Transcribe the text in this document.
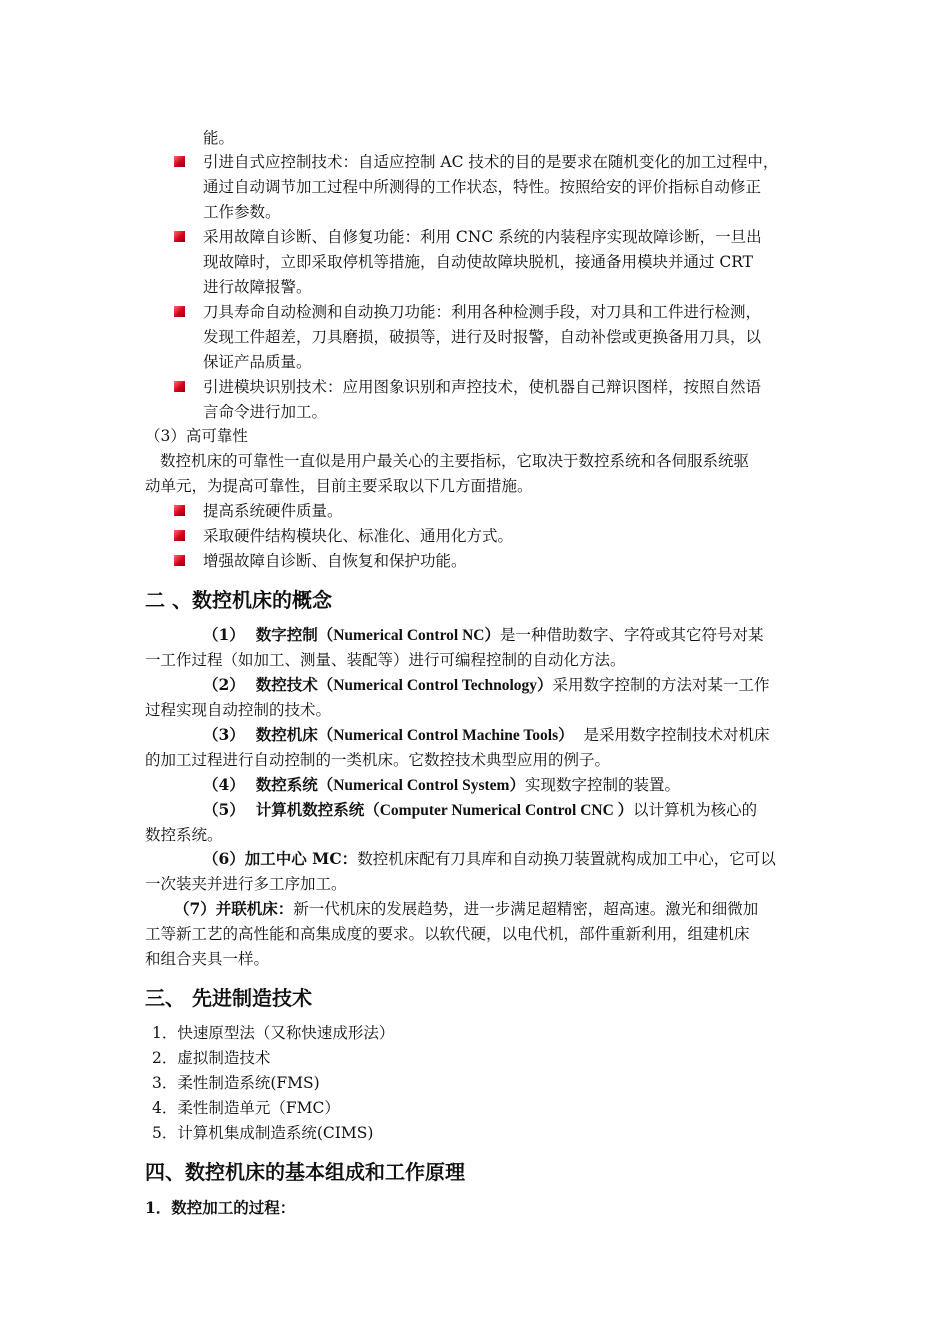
能。
引进自式应控制技术：自适应控制 AC 技术的目的是要求在随机变化的加工过程中，
通过自动调节加工过程中所测得的工作状态，特性。按照给安的评价指标自动修正
工作参数。
采用故障自诊断、自修复功能：利用 CNC 系统的内装程序实现故障诊断，一旦出
现故障时，立即采取停机等措施，自动使故障块脱机，接通备用模块并通过 CRT
进行故障报警。
刀具寿命自动检测和自动换刀功能：利用各种检测手段，对刀具和工件进行检测，
发现工件超差，刀具磨损，破损等，进行及时报警，自动补偿或更换备用刀具，以
保证产品质量。
引进模块识别技术：应用图象识别和声控技术，使机器自己辩识图样，按照自然语
言命令进行加工。
（3）高可靠性
数控机床的可靠性一直似是用户最关心的主要指标，它取决于数控系统和各伺服系统驱
动单元，为提高可靠性，目前主要采取以下几方面措施。
提高系统硬件质量。
采取硬件结构模块化、标准化、通用化方式。
增强故障自诊断、自恢复和保护功能。
二 、数控机床的概念
（1） 数字控制（Numerical Control NC）是一种借助数字、字符或其它符号对某
一工作过程（如加工、测量、装配等）进行可编程控制的自动化方法。
（2） 数控技术（Numerical Control Technology）采用数字控制的方法对某一工作
过程实现自动控制的技术。
（3） 数控机床（Numerical Control Machine Tools）  是采用数字控制技术对机床
的加工过程进行自动控制的一类机床。它数控技术典型应用的例子。
（4） 数控系统（Numerical Control System）实现数字控制的装置。
（5） 计算机数控系统（Computer Numerical Control CNC ）以计算机为核心的
数控系统。
（6）加工中心 MC：数控机床配有刀具库和自动换刀装置就构成加工中心，它可以
一次装夹并进行多工序加工。
（7）并联机床：新一代机床的发展趋势，进一步满足超精密，超高速。激光和细微加
工等新工艺的高性能和高集成度的要求。以软代硬，以电代机，部件重新利用，组建机床
和组合夹具一样。
三、 先进制造技术
1．快速原型法（又称快速成形法）
2．虚拟制造技术
3．柔性制造系统(FMS)
4．柔性制造单元（FMC）
5．计算机集成制造系统(CIMS)
四、数控机床的基本组成和工作原理
1．数控加工的过程：
